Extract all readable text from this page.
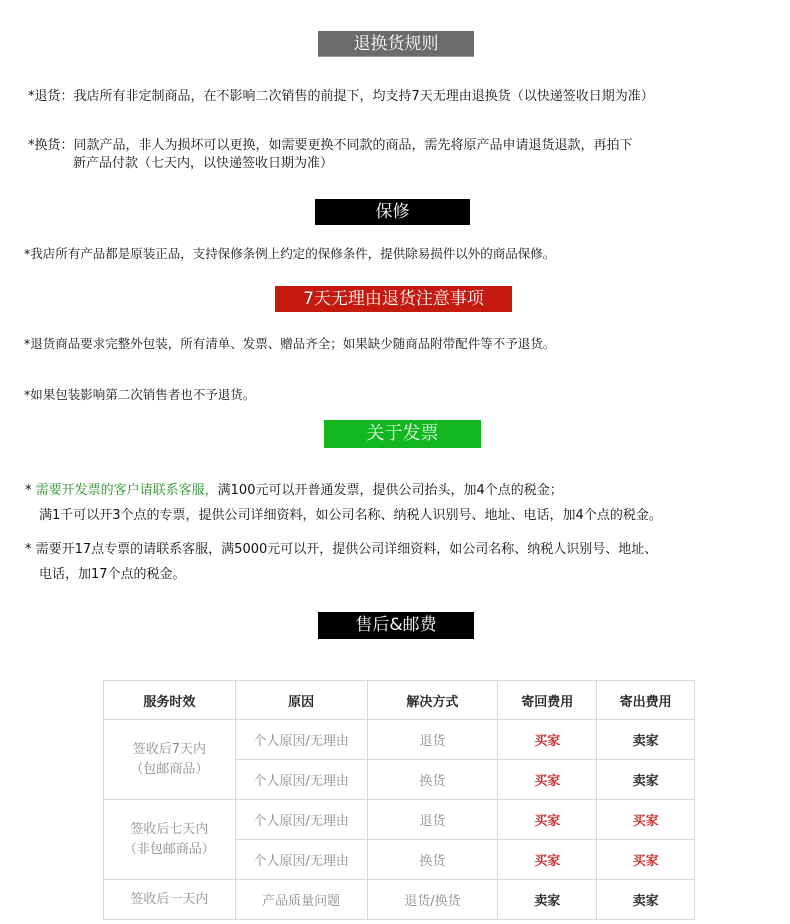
退换货规则
*退货：我店所有非定制商品，在不影响二次销售的前提下，均支持7天无理由退换货（以快递签收日期为准）
*换货：同款产品，非人为损坏可以更换，如需要更换不同款的商品，需先将原产品申请退货退款，再拍下
新产品付款（七天内，以快递签收日期为准）
保修
*我店所有产品都是原装正品，支持保修条例上约定的保修条件，提供除易损件以外的商品保修。
7天无理由退货注意事项
*退货商品要求完整外包装，所有清单、发票、赠品齐全；如果缺少随商品附带配件等不予退货。
*如果包装影响第二次销售者也不予退货。
关于发票
* 需要开发票的客户请联系客服，满100元可以开普通发票，提供公司抬头，加4个点的税金；
满1千可以开3个点的专票，提供公司详细资料，如公司名称、纳税人识别号、地址、电话，加4个点的税金。
* 需要开17点专票的请联系客服，满5000元可以开，提供公司详细资料，如公司名称、纳税人识别号、地址、
电话，加17个点的税金。
售后&邮费
服务时效	原因	解决方式	寄回费用	寄出费用

签收后7天内
（包邮商品）	个人原因/无理由	退货	买家	卖家
	个人原因/无理由	换货	买家	卖家

签收后七天内
（非包邮商品）	个人原因/无理由	退货	买家	买家
	个人原因/无理由	换货	买家	买家
签收后一天内	产品质量问题	退货/换货	卖家	卖家
